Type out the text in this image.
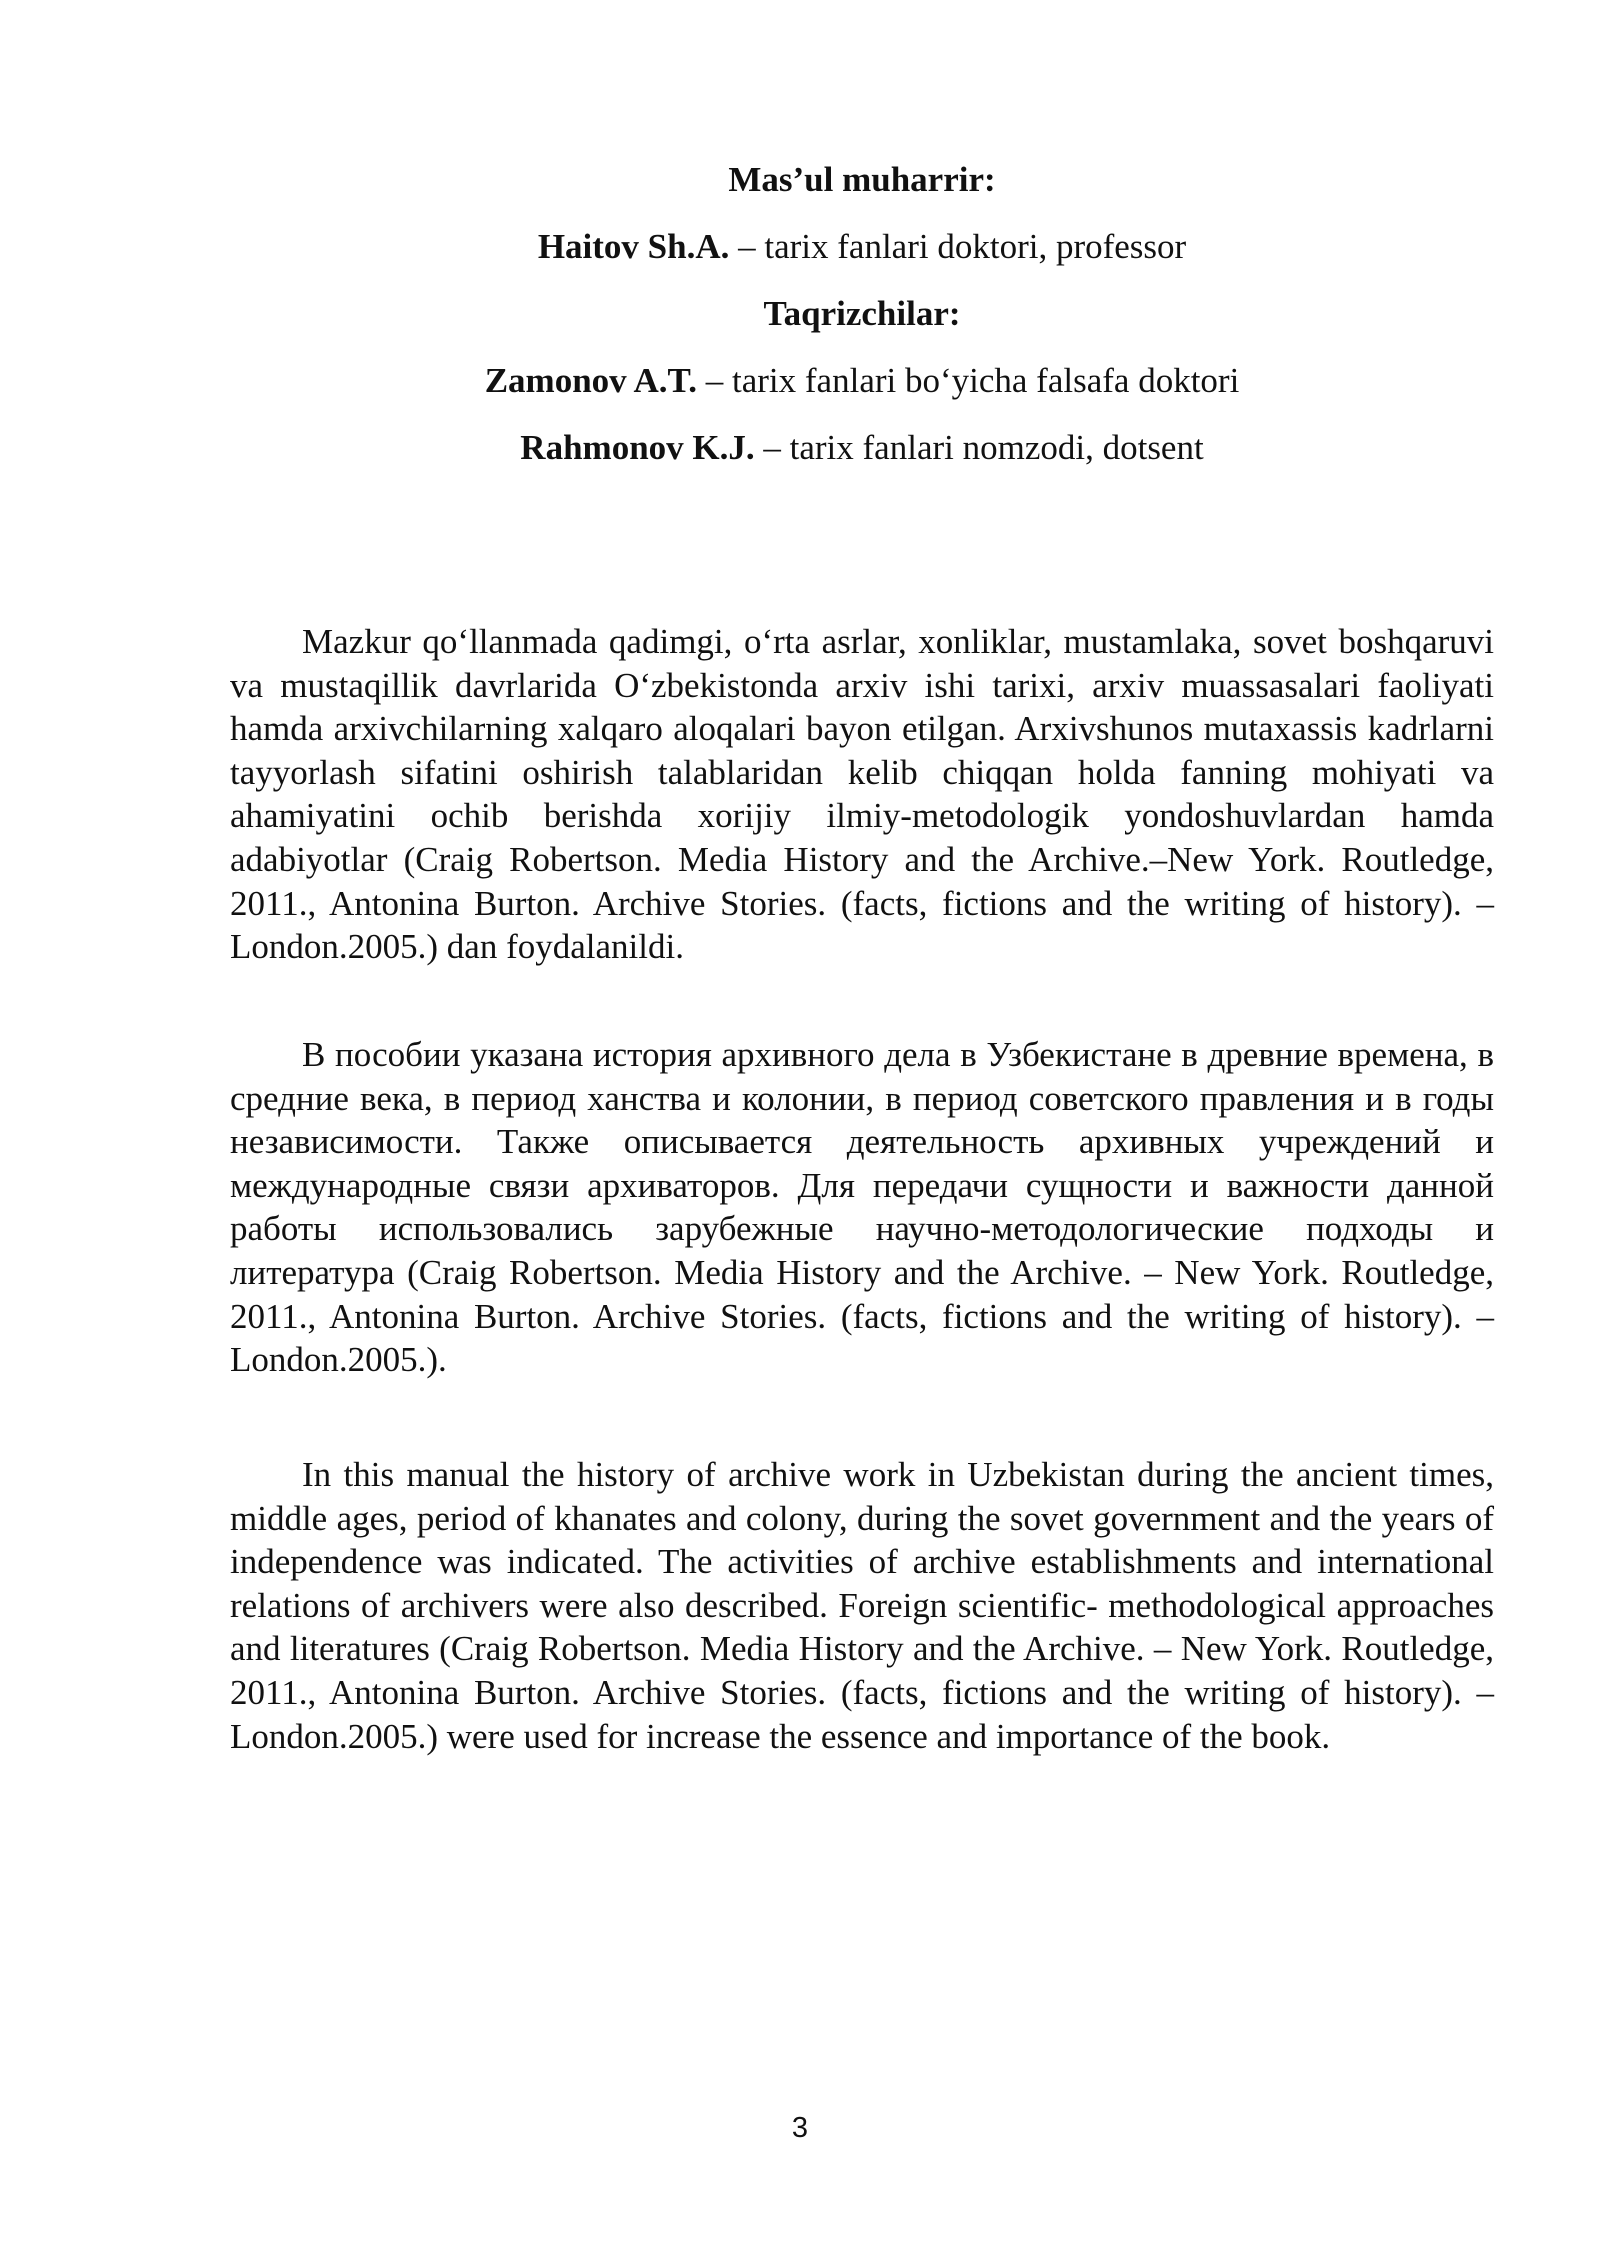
Mas’ul muharrir:

Haitov Sh.A. – tarix fanlari doktori, professor

Taqrizchilar:

Zamonov A.T. – tarix fanlari bo‘yicha falsafa doktori

Rahmonov K.J. – tarix fanlari nomzodi, dotsent

Mazkur qo‘llanmada qadimgi, o‘rta asrlar, xonliklar, mustamlaka, sovet boshqaruvi va mustaqillik davrlarida O‘zbekistonda arxiv ishi tarixi, arxiv muassasalari faoliyati hamda arxivchilarning xalqaro aloqalari bayon etilgan. Arxivshunos mutaxassis kadrlarni tayyorlash sifatini oshirish talablaridan kelib chiqqan holda fanning mohiyati va ahamiyatini ochib berishda xorijiy ilmiy-metodologik yondoshuvlardan hamda adabiyotlar (Craig Robertson. Media History and the Archive.–New York. Routledge, 2011., Antonina Burton. Archive Stories. (facts, fictions and the writing of history). – London.2005.) dan foydalanildi.

В пособии указана история архивного дела в Узбекистане в древние времена, в средние века, в период ханства и колонии, в период советского правления и в годы независимости. Также описывается деятельность архивных учреждений и международные связи архиваторов. Для передачи сущности и важности данной работы использовались зарубежные научно-методологические подходы и литература (Craig Robertson. Media History and the Archive. – New York. Routledge, 2011., Antonina Burton. Archive Stories. (facts, fictions and the writing of history). – London.2005.).

In this manual the history of archive work in Uzbekistan during the ancient times, middle ages, period of khanates and colony, during the sovet government and the years of independence was indicated. The activities of archive establishments and international relations of archivers were also described. Foreign scientific- methodological approaches and literatures (Craig Robertson. Media History and the Archive. – New York. Routledge, 2011., Antonina Burton. Archive Stories. (facts, fictions and the writing of history). – London.2005.) were used for increase the essence and importance of the book.

3
